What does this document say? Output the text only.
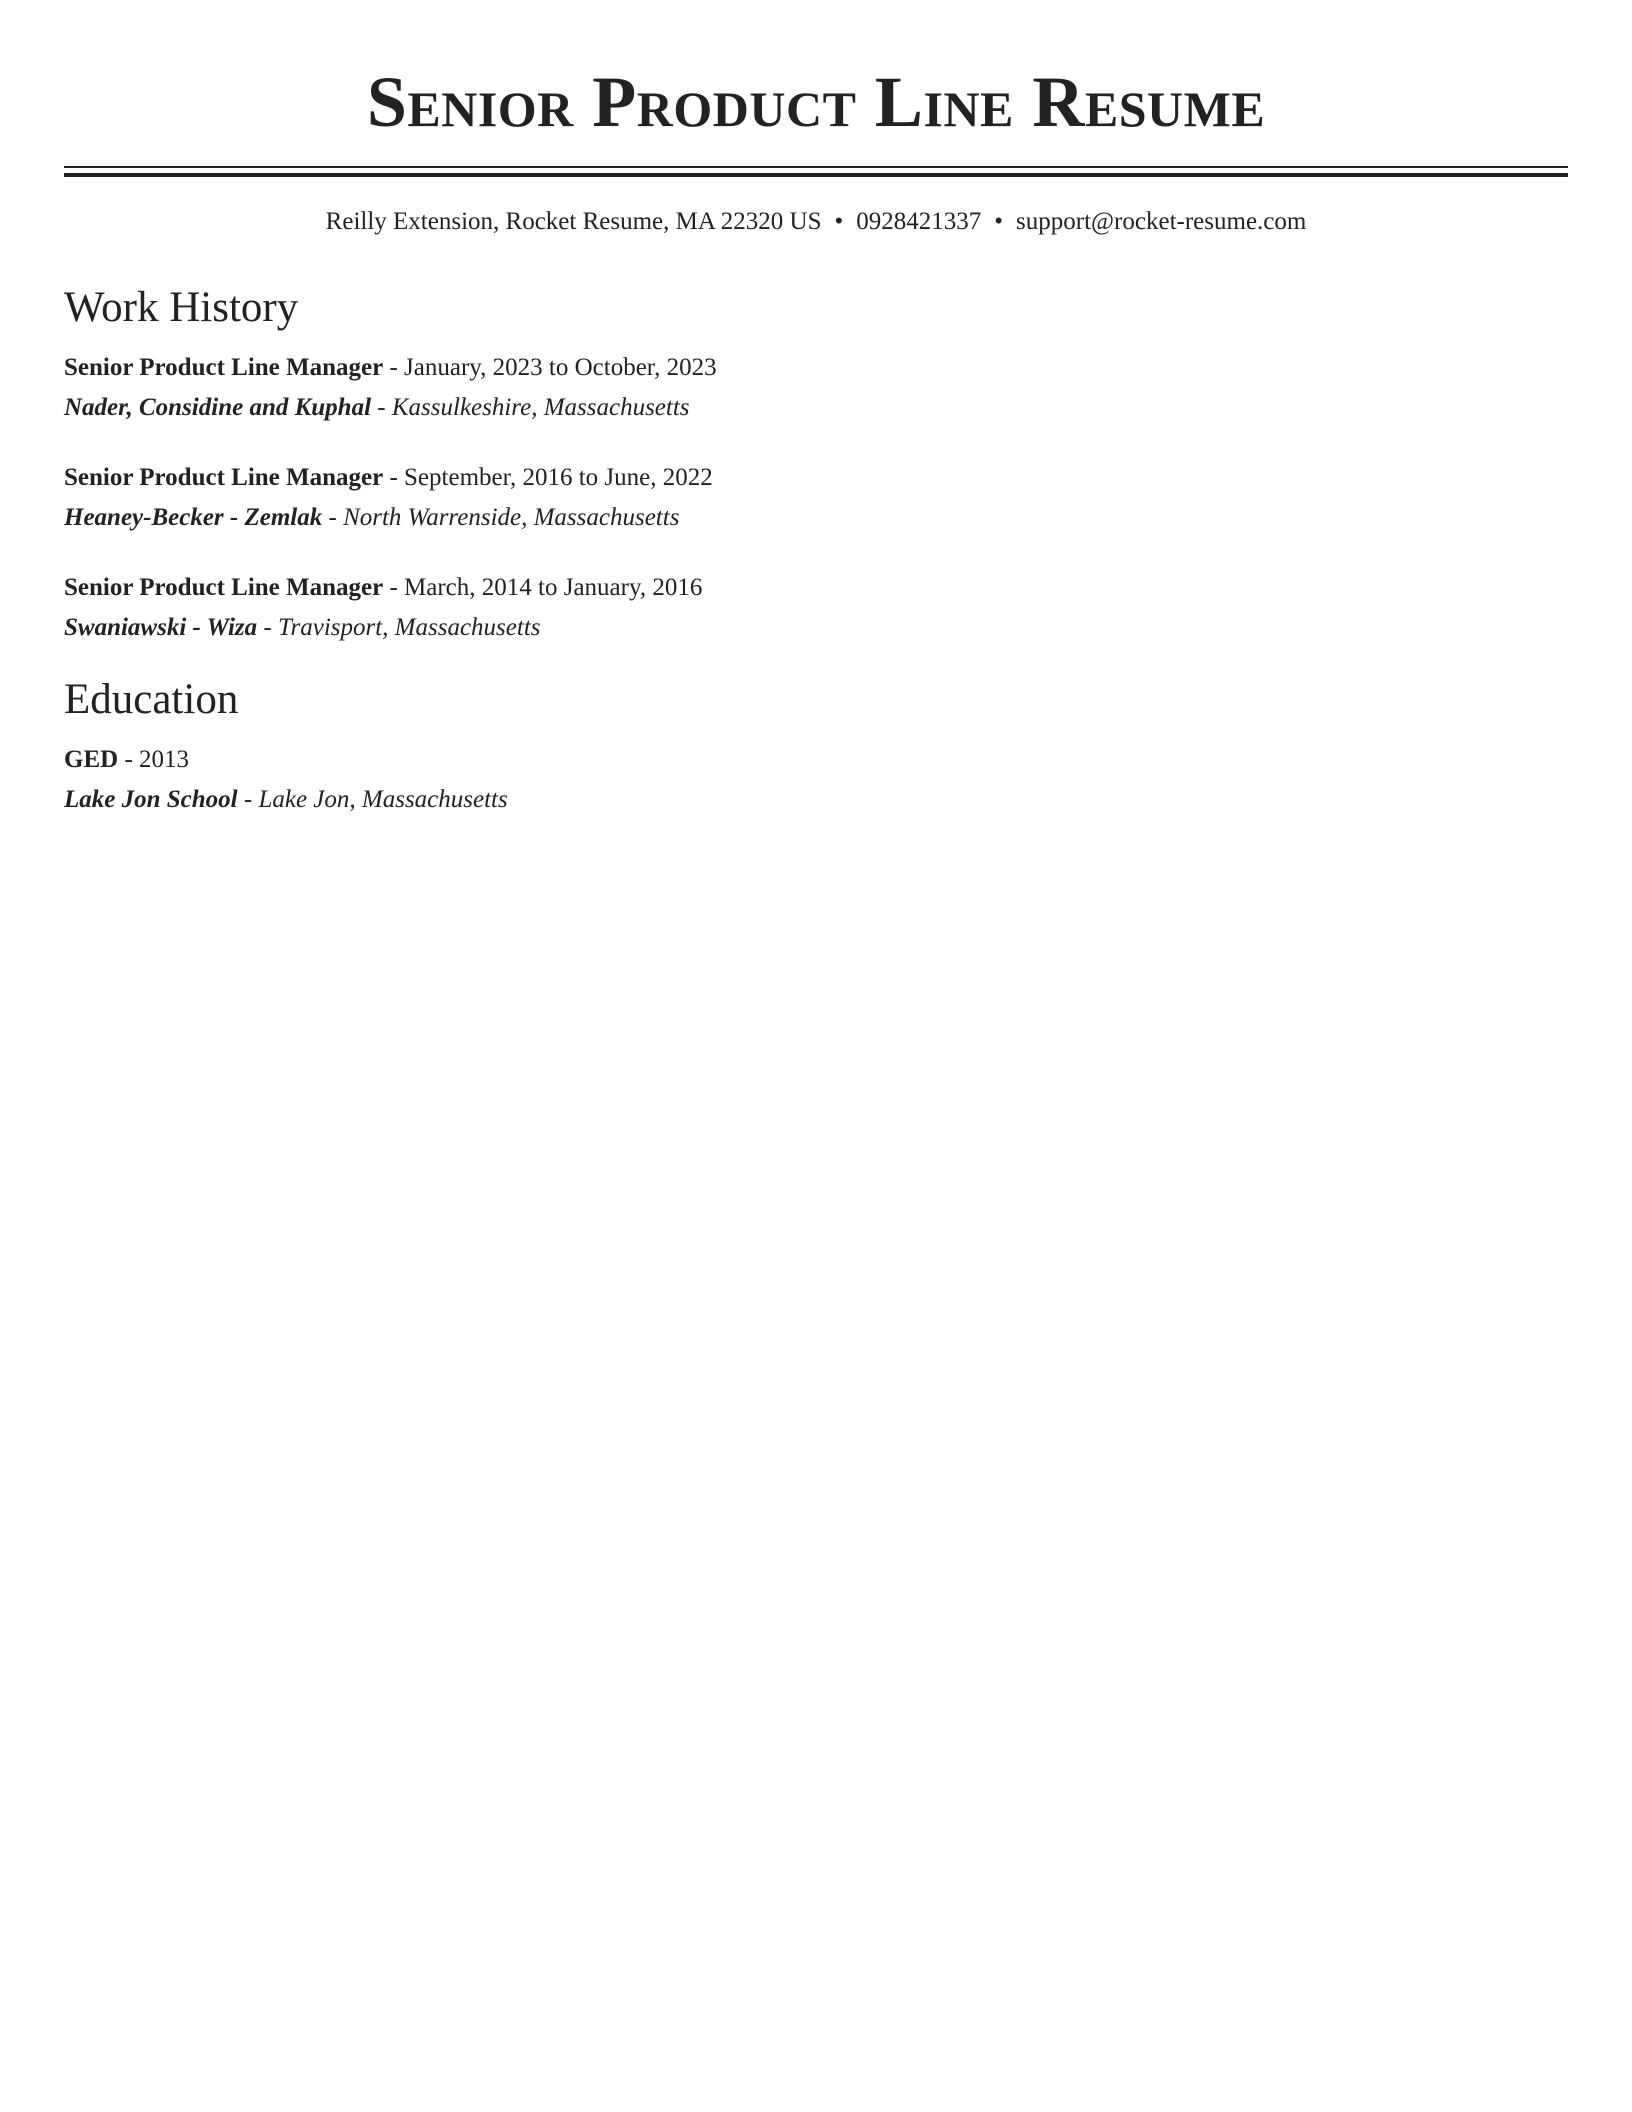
Senior Product Line Resume
Reilly Extension, Rocket Resume, MA 22320 US • 0928421337 • support@rocket-resume.com
Work History
Senior Product Line Manager - January, 2023 to October, 2023
Nader, Considine and Kuphal - Kassulkeshire, Massachusetts
Senior Product Line Manager - September, 2016 to June, 2022
Heaney-Becker - Zemlak - North Warrenside, Massachusetts
Senior Product Line Manager - March, 2014 to January, 2016
Swaniawski - Wiza - Travisport, Massachusetts
Education
GED - 2013
Lake Jon School - Lake Jon, Massachusetts
